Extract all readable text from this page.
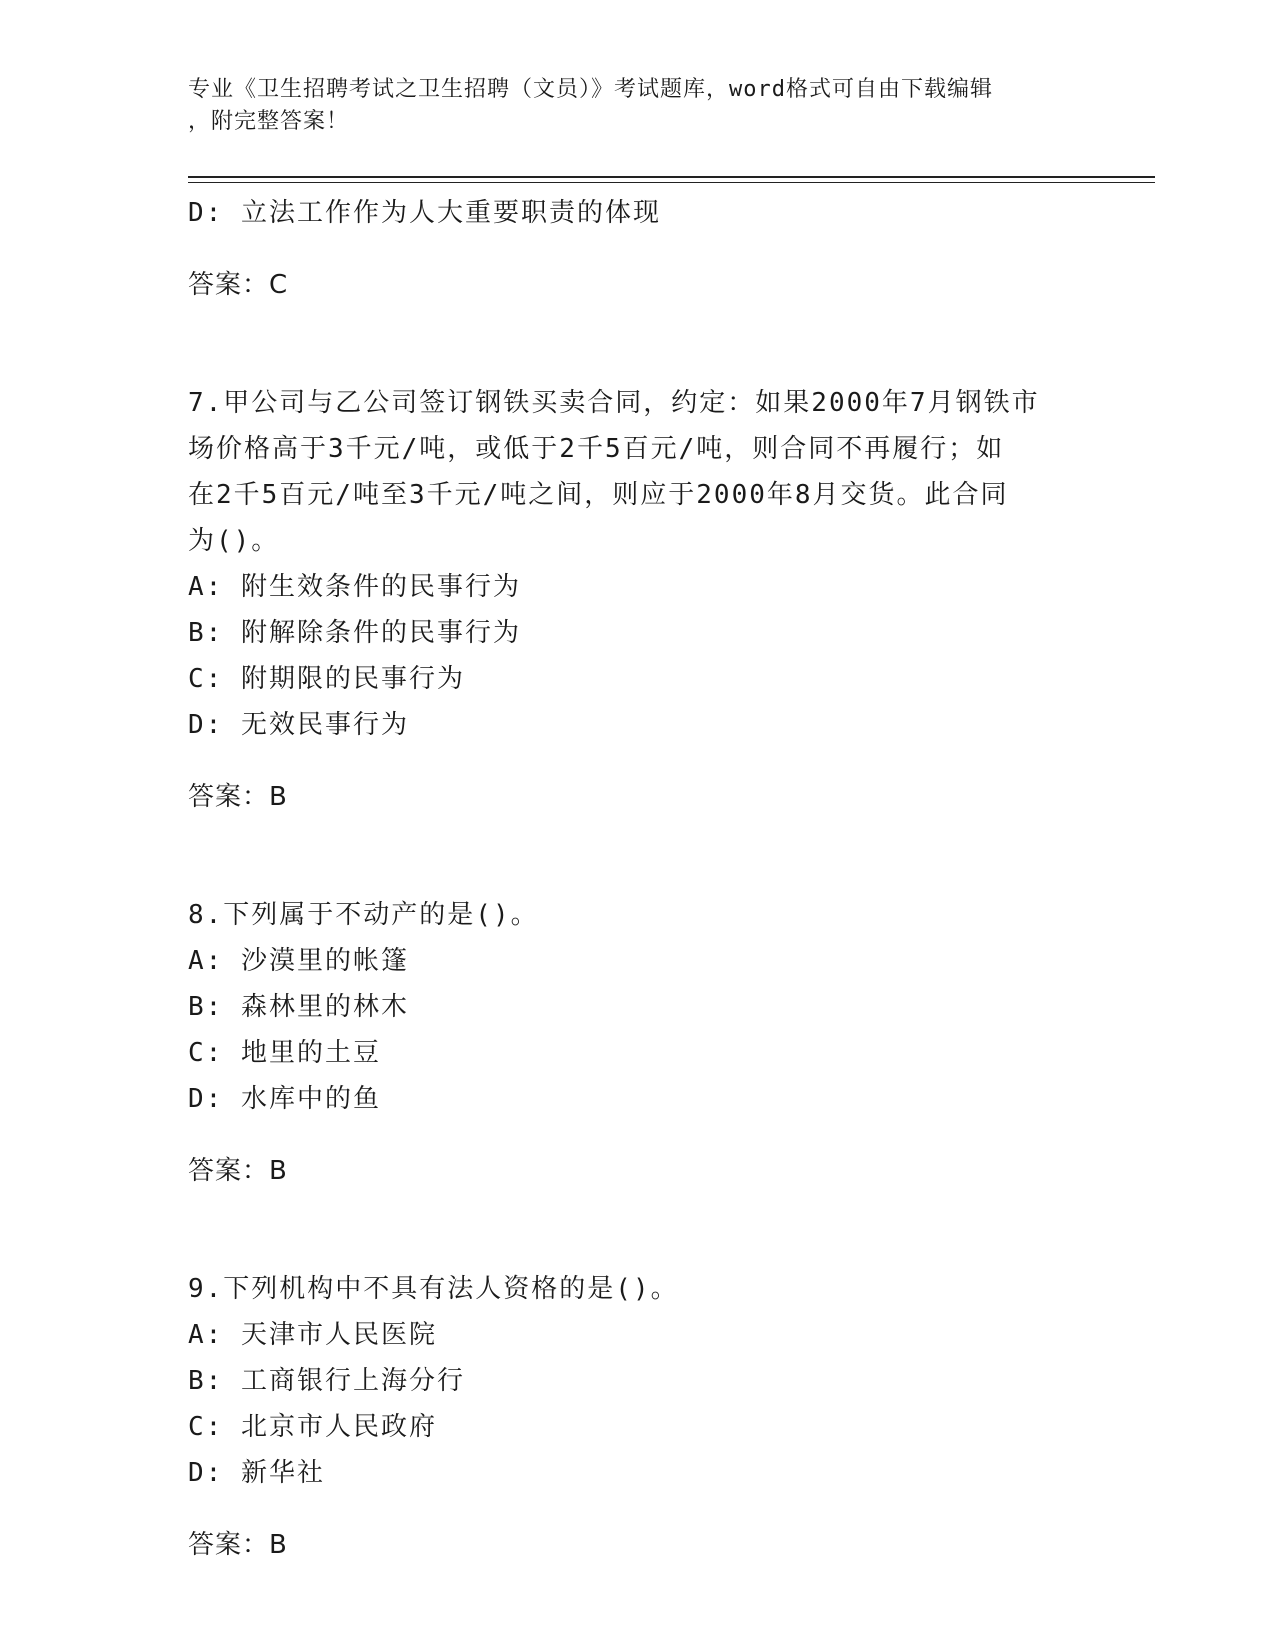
专业《卫生招聘考试之卫生招聘（文员）》考试题库，word格式可自由下载编辑
，附完整答案！

D: 立法工作作为人大重要职责的体现

答案：C

7.甲公司与乙公司签订钢铁买卖合同，约定：如果2000年7月钢铁市

场价格高于3千元/吨，或低于2千5百元/吨，则合同不再履行；如

在2千5百元/吨至3千元/吨之间，则应于2000年8月交货。此合同

为()。

A: 附生效条件的民事行为

B: 附解除条件的民事行为

C: 附期限的民事行为

D: 无效民事行为

答案：B

8.下列属于不动产的是()。

A: 沙漠里的帐篷

B: 森林里的林木

C: 地里的土豆

D: 水库中的鱼

答案：B

9.下列机构中不具有法人资格的是()。

A: 天津市人民医院

B: 工商银行上海分行

C: 北京市人民政府

D: 新华社

答案：B
